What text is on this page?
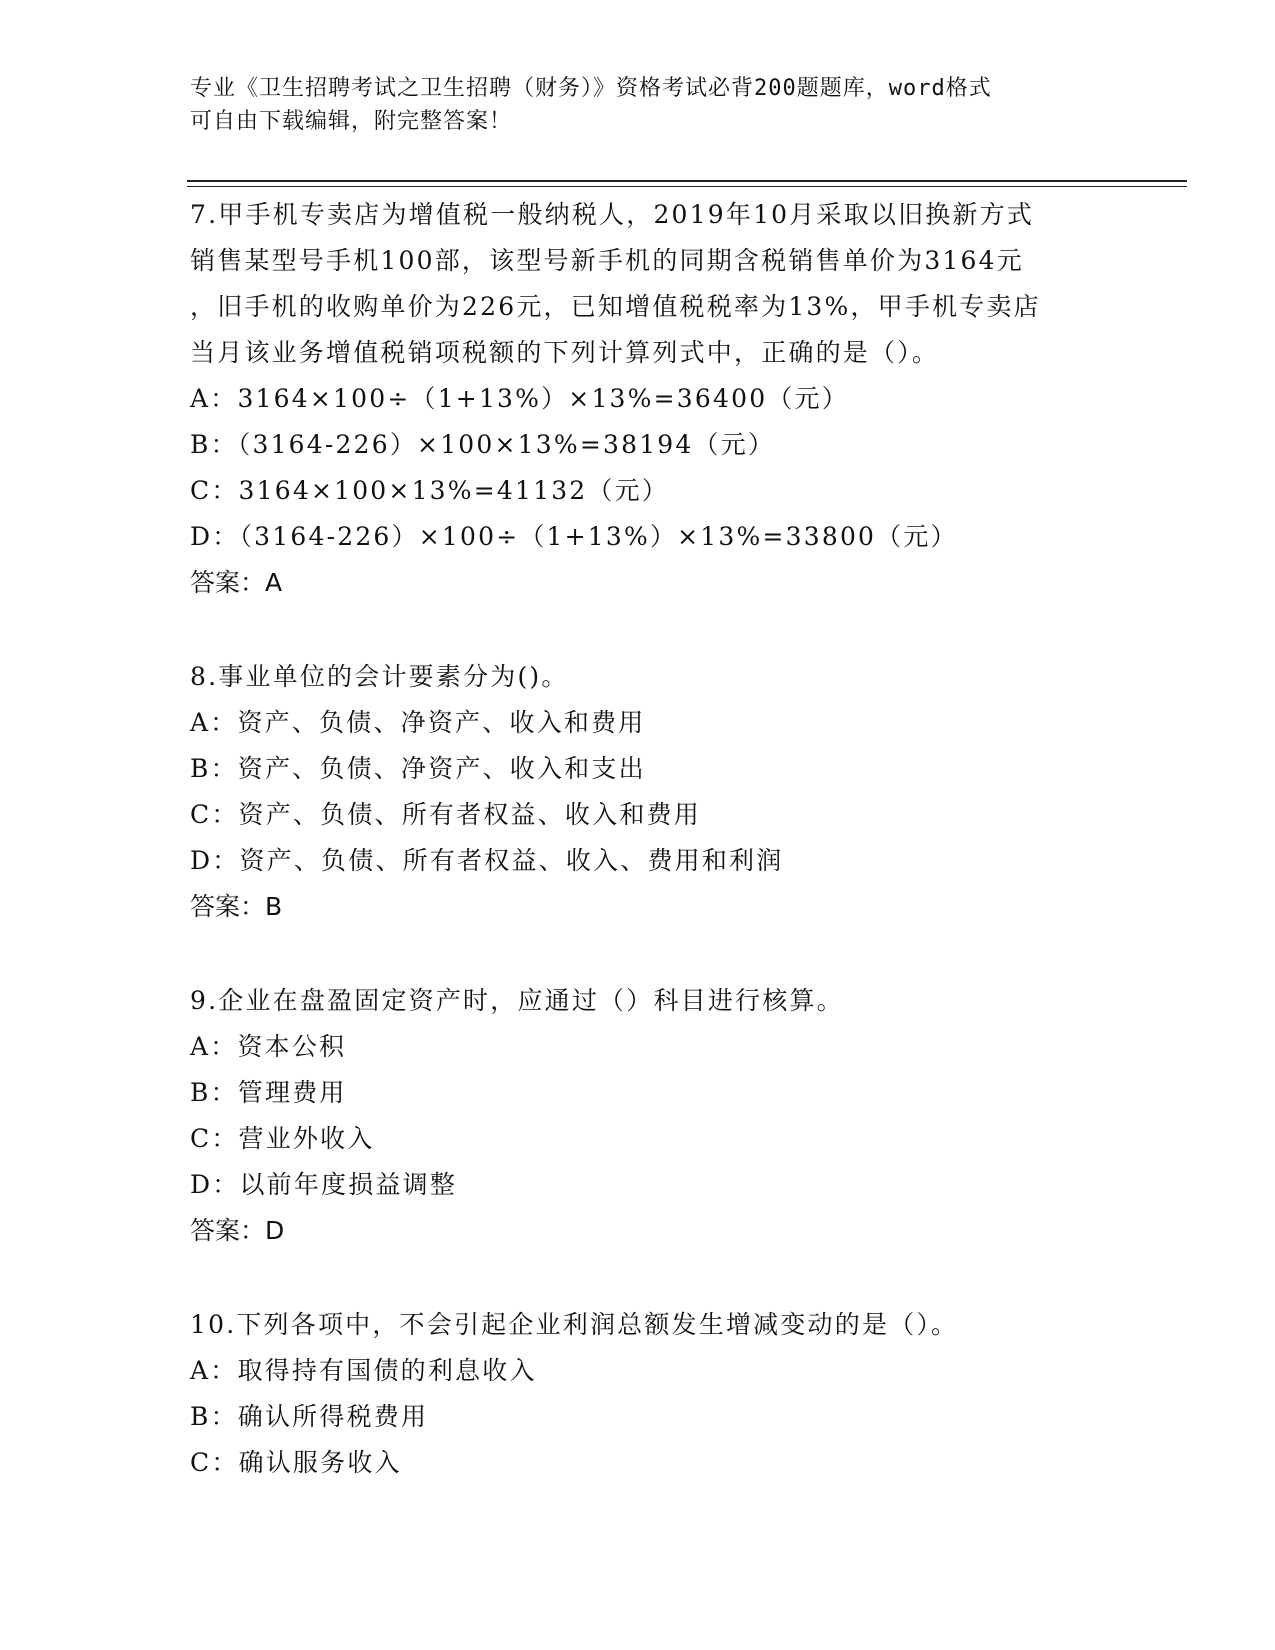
专业《卫生招聘考试之卫生招聘（财务）》资格考试必背200题题库，word格式
可自由下载编辑，附完整答案！
7.甲手机专卖店为增值税一般纳税人，2019年10月采取以旧换新方式
销售某型号手机100部，该型号新手机的同期含税销售单价为3164元
，旧手机的收购单价为226元，已知增值税税率为13%，甲手机专卖店
当月该业务增值税销项税额的下列计算列式中，正确的是（）。
A：3164×100÷（1+13%）×13%=36400（元）
B：（3164-226）×100×13%=38194（元）
C：3164×100×13%=41132（元）
D：（3164-226）×100÷（1+13%）×13%=33800（元）
答案：A
8.事业单位的会计要素分为()。
A：资产、负债、净资产、收入和费用
B：资产、负债、净资产、收入和支出
C：资产、负债、所有者权益、收入和费用
D：资产、负债、所有者权益、收入、费用和利润
答案：B
9.企业在盘盈固定资产时，应通过（）科目进行核算。
A：资本公积
B：管理费用
C：营业外收入
D：以前年度损益调整
答案：D
10.下列各项中，不会引起企业利润总额发生增减变动的是（）。
A：取得持有国债的利息收入
B：确认所得税费用
C：确认服务收入
